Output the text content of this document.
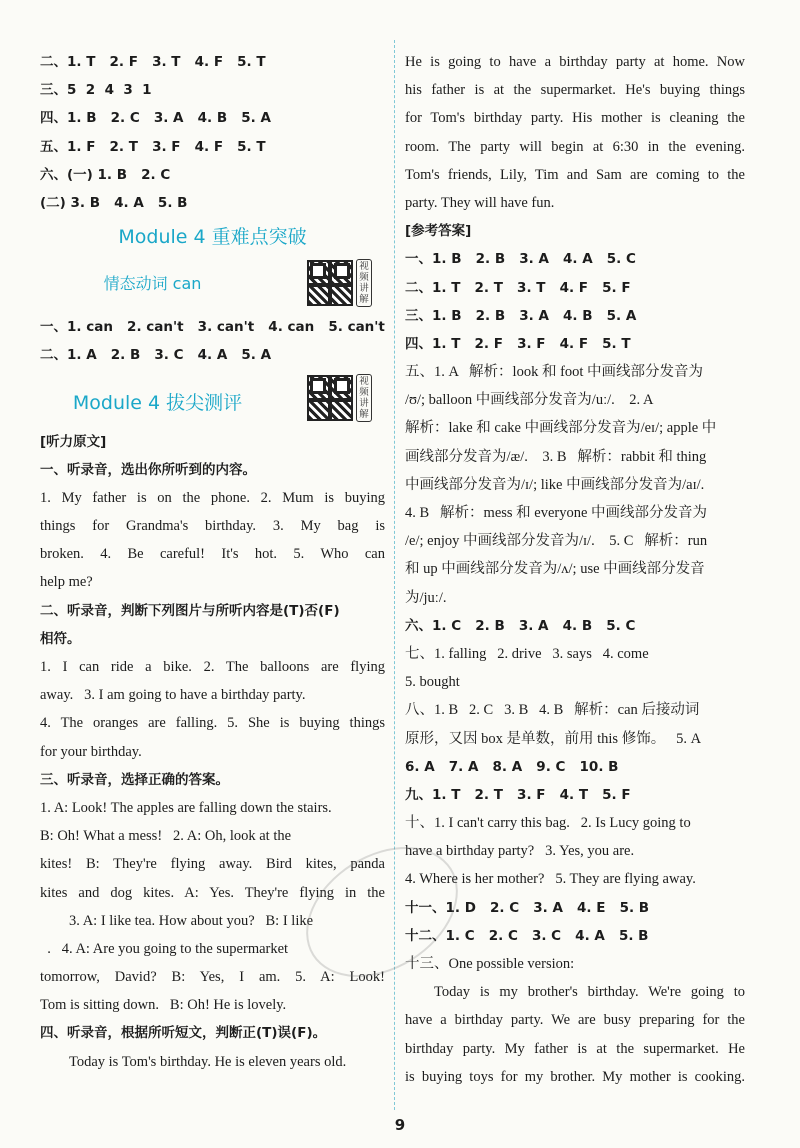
二、1. T   2. F   3. T   4. F   5. T
三、5  2  4  3  1
四、1. B   2. C   3. A   4. B   5. A
五、1. F   2. T   3. F   4. F   5. T
六、(一) 1. B   2. C
(二) 3. B   4. A   5. B
Module 4 重难点突破
情态动词 can
视频讲解
一、1. can   2. can't   3. can't   4. can   5. can't
二、1. A   2. B   3. C   4. A   5. A
Module 4 拔尖测评
视频讲解
[听力原文]
一、听录音，选出你所听到的内容。
1. My father is on the phone. 2. Mum is buying
things for Grandma's birthday. 3. My bag is
broken. 4. Be careful! It's hot. 5. Who can
help me?
二、听录音，判断下列图片与所听内容是(T)否(F)
相符。
1. I can ride a bike. 2. The balloons are flying
away.   3. I am going to have a birthday party.
4. The oranges are falling. 5. She is buying things
for your birthday.
三、听录音，选择正确的答案。
1. A: Look! The apples are falling down the stairs.
B: Oh! What a mess!   2. A: Oh, look at the
kites! B: They're flying away. Bird kites, panda
kites and dog kites. A: Yes. They're flying in the
3. A: I like tea. How about you?   B: I like
.   4. A: Are you going to the supermarket
tomorrow, David? B: Yes, I am. 5. A: Look!
Tom is sitting down.   B: Oh! He is lovely.
四、听录音，根据所听短文，判断正(T)误(F)。
Today is Tom's birthday. He is eleven years old.
He is going to have a birthday party at home. Now
his father is at the supermarket. He's buying things
for Tom's birthday party. His mother is cleaning the
room. The party will begin at 6:30 in the evening.
Tom's friends, Lily, Tim and Sam are coming to the
party. They will have fun.
[参考答案]
一、1. B   2. B   3. A   4. A   5. C
二、1. T   2. T   3. T   4. F   5. F
三、1. B   2. B   3. A   4. B   5. A
四、1. T   2. F   3. F   4. F   5. T
五、1. A   解析：look 和 foot 中画线部分发音为
/ʊ/; balloon 中画线部分发音为/uː/.    2. A
解析：lake 和 cake 中画线部分发音为/eɪ/; apple 中
画线部分发音为/æ/.    3. B   解析：rabbit 和 thing
中画线部分发音为/ɪ/; like 中画线部分发音为/aɪ/.
4. B   解析：mess 和 everyone 中画线部分发音为
/e/; enjoy 中画线部分发音为/ɪ/.    5. C   解析：run
和 up 中画线部分发音为/ʌ/; use 中画线部分发音
为/juː/.
六、1. C   2. B   3. A   4. B   5. C
七、1. falling   2. drive   3. says   4. come
5. bought
八、1. B   2. C   3. B   4. B   解析：can 后接动词
原形，又因 box 是单数，前用 this 修饰。   5. A
6. A   7. A   8. A   9. C   10. B
九、1. T   2. T   3. F   4. T   5. F
十、1. I can't carry this bag.   2. Is Lucy going to
have a birthday party?   3. Yes, you are.
4. Where is her mother?   5. They are flying away.
十一、1. D   2. C   3. A   4. E   5. B
十二、1. C   2. C   3. C   4. A   5. B
十三、One possible version:
Today is my brother's birthday. We're going to
have a birthday party. We are busy preparing for the
birthday party. My father is at the supermarket. He
is buying toys for my brother. My mother is cooking.
9
